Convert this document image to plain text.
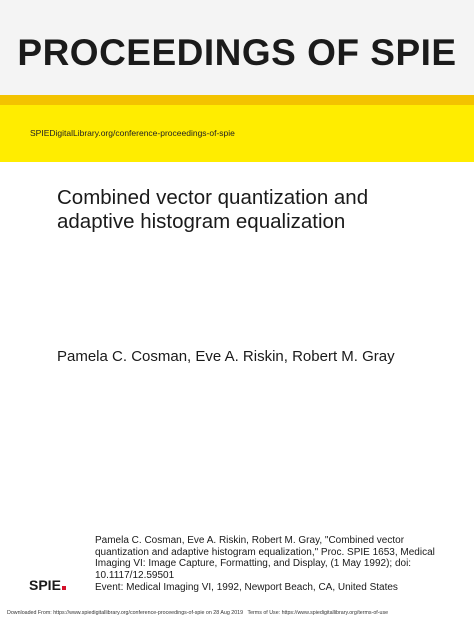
PROCEEDINGS OF SPIE
SPIEDigitalLibrary.org/conference-proceedings-of-spie
Combined vector quantization and
adaptive histogram equalization
Pamela C. Cosman, Eve A. Riskin, Robert M. Gray
Pamela C. Cosman, Eve A. Riskin, Robert M. Gray, "Combined vector
quantization and adaptive histogram equalization," Proc. SPIE 1653, Medical
Imaging VI: Image Capture, Formatting, and Display, (1 May 1992); doi:
10.1117/12.59501
SPIE	Event: Medical Imaging VI, 1992, Newport Beach, CA, United States
Downloaded From: https://www.spiedigitallibrary.org/conference-proceedings-of-spie on 28 Aug 2019 Terms of Use: https://www.spiedigitallibrary.org/terms-of-use
